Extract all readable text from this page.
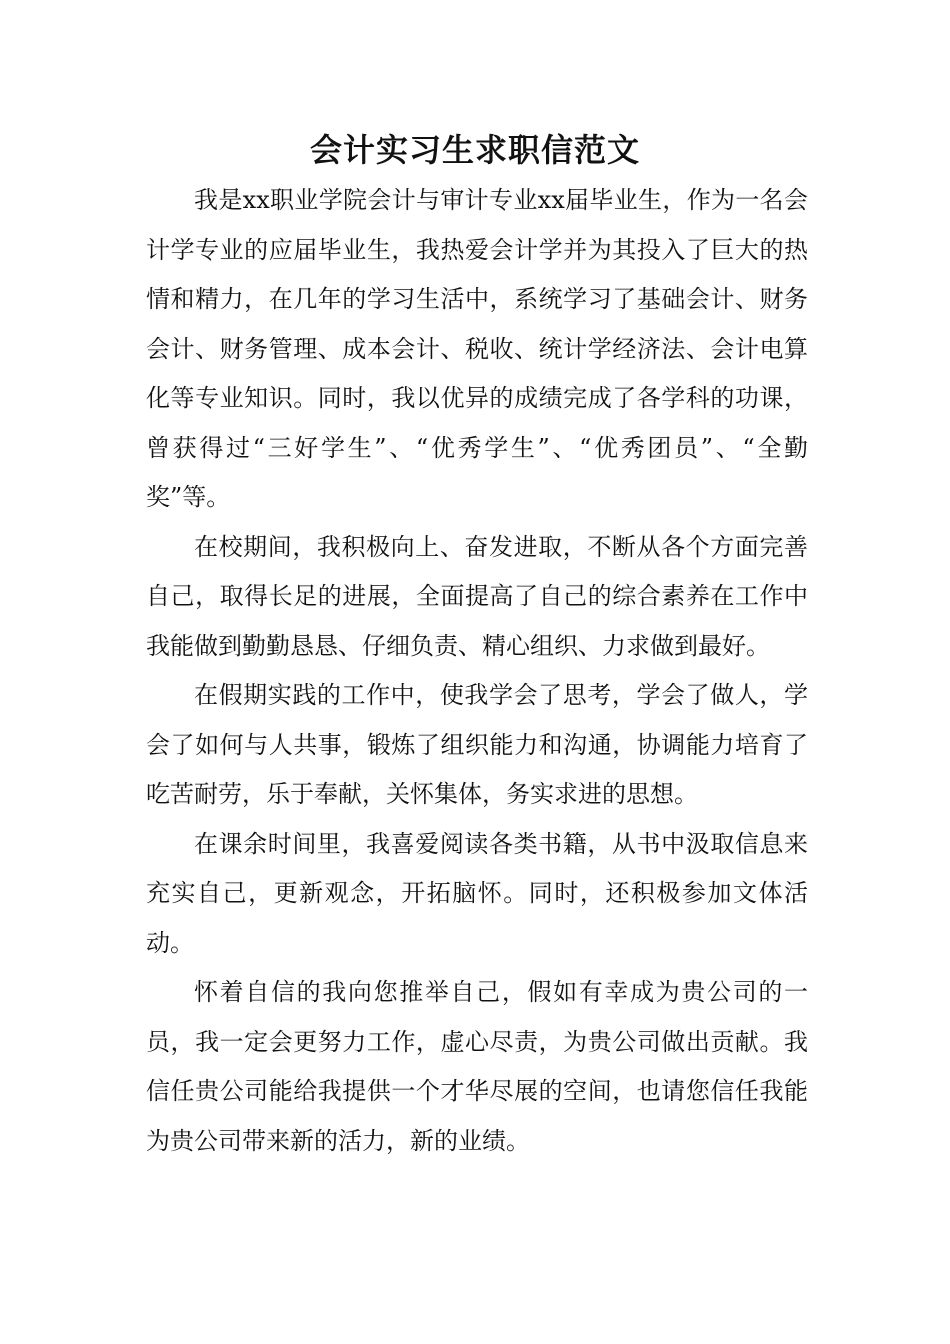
会计实习生求职信范文

我是xx职业学院会计与审计专业xx届毕业生，作为一名会计学专业的应届毕业生，我热爱会计学并为其投入了巨大的热情和精力，在几年的学习生活中，系统学习了基础会计、财务会计、财务管理、成本会计、税收、统计学经济法、会计电算化等专业知识。同时，我以优异的成绩完成了各学科的功课，曾获得过“三好学生”、“优秀学生”、“优秀团员”、“全勤奖”等。

在校期间，我积极向上、奋发进取，不断从各个方面完善自己，取得长足的进展，全面提高了自己的综合素养在工作中我能做到勤勤恳恳、仔细负责、精心组织、力求做到最好。

在假期实践的工作中，使我学会了思考，学会了做人，学会了如何与人共事，锻炼了组织能力和沟通，协调能力培育了吃苦耐劳，乐于奉献，关怀集体，务实求进的思想。

在课余时间里，我喜爱阅读各类书籍，从书中汲取信息来充实自己，更新观念，开拓脑怀。同时，还积极参加文体活动。

怀着自信的我向您推举自己，假如有幸成为贵公司的一员，我一定会更努力工作，虚心尽责，为贵公司做出贡献。我信任贵公司能给我提供一个才华尽展的空间，也请您信任我能为贵公司带来新的活力，新的业绩。
